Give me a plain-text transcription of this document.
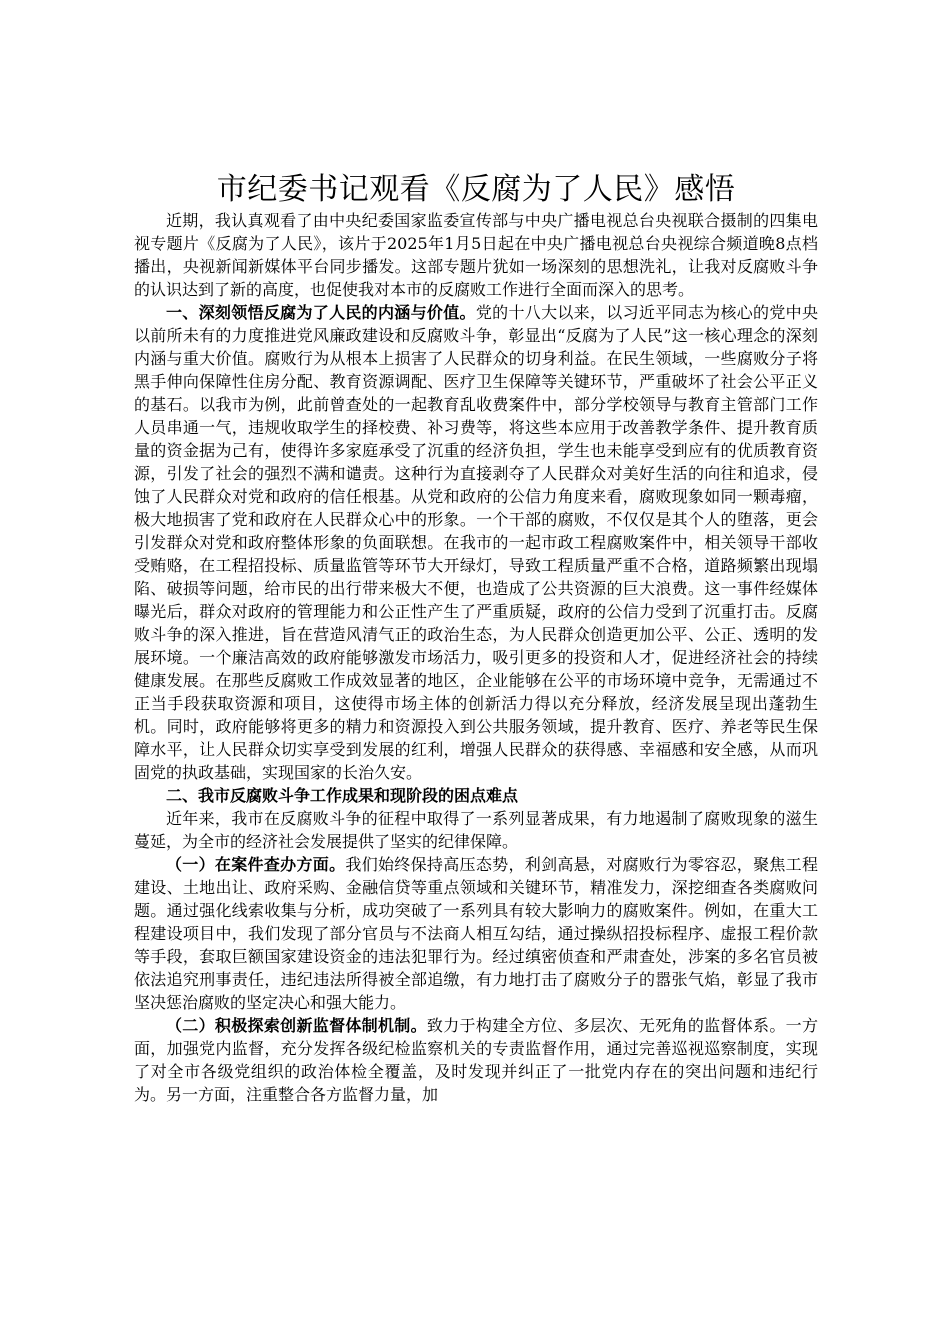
市纪委书记观看《反腐为了人民》感悟

近期，我认真观看了由中央纪委国家监委宣传部与中央广播电视总台央视联合摄制的四集电视专题片《反腐为了人民》，该片于2025年1月5日起在中央广播电视总台央视综合频道晚8点档播出，央视新闻新媒体平台同步播发。这部专题片犹如一场深刻的思想洗礼，让我对反腐败斗争的认识达到了新的高度，也促使我对本市的反腐败工作进行全面而深入的思考。

一、深刻领悟反腐为了人民的内涵与价值。党的十八大以来，以习近平同志为核心的党中央以前所未有的力度推进党风廉政建设和反腐败斗争，彰显出“反腐为了人民”这一核心理念的深刻内涵与重大价值。腐败行为从根本上损害了人民群众的切身利益。在民生领域，一些腐败分子将黑手伸向保障性住房分配、教育资源调配、医疗卫生保障等关键环节，严重破坏了社会公平正义的基石。以我市为例，此前曾查处的一起教育乱收费案件中，部分学校领导与教育主管部门工作人员串通一气，违规收取学生的择校费、补习费等，将这些本应用于改善教学条件、提升教育质量的资金据为己有，使得许多家庭承受了沉重的经济负担，学生也未能享受到应有的优质教育资源，引发了社会的强烈不满和谴责。这种行为直接剥夺了人民群众对美好生活的向往和追求，侵蚀了人民群众对党和政府的信任根基。从党和政府的公信力角度来看，腐败现象如同一颗毒瘤，极大地损害了党和政府在人民群众心中的形象。一个干部的腐败，不仅仅是其个人的堕落，更会引发群众对党和政府整体形象的负面联想。在我市的一起市政工程腐败案件中，相关领导干部收受贿赂，在工程招投标、质量监管等环节大开绿灯，导致工程质量严重不合格，道路频繁出现塌陷、破损等问题，给市民的出行带来极大不便，也造成了公共资源的巨大浪费。这一事件经媒体曝光后，群众对政府的管理能力和公正性产生了严重质疑，政府的公信力受到了沉重打击。反腐败斗争的深入推进，旨在营造风清气正的政治生态，为人民群众创造更加公平、公正、透明的发展环境。一个廉洁高效的政府能够激发市场活力，吸引更多的投资和人才，促进经济社会的持续健康发展。在那些反腐败工作成效显著的地区，企业能够在公平的市场环境中竞争，无需通过不正当手段获取资源和项目，这使得市场主体的创新活力得以充分释放，经济发展呈现出蓬勃生机。同时，政府能够将更多的精力和资源投入到公共服务领域，提升教育、医疗、养老等民生保障水平，让人民群众切实享受到发展的红利，增强人民群众的获得感、幸福感和安全感，从而巩固党的执政基础，实现国家的长治久安。

二、我市反腐败斗争工作成果和现阶段的困点难点

近年来，我市在反腐败斗争的征程中取得了一系列显著成果，有力地遏制了腐败现象的滋生蔓延，为全市的经济社会发展提供了坚实的纪律保障。

（一）在案件查办方面。我们始终保持高压态势，利剑高悬，对腐败行为零容忍，聚焦工程建设、土地出让、政府采购、金融信贷等重点领域和关键环节，精准发力，深挖细查各类腐败问题。通过强化线索收集与分析，成功突破了一系列具有较大影响力的腐败案件。例如，在重大工程建设项目中，我们发现了部分官员与不法商人相互勾结，通过操纵招投标程序、虚报工程价款等手段，套取巨额国家建设资金的违法犯罪行为。经过缜密侦查和严肃查处，涉案的多名官员被依法追究刑事责任，违纪违法所得被全部追缴，有力地打击了腐败分子的嚣张气焰，彰显了我市坚决惩治腐败的坚定决心和强大能力。

（二）积极探索创新监督体制机制。致力于构建全方位、多层次、无死角的监督体系。一方面，加强党内监督，充分发挥各级纪检监察机关的专责监督作用，通过完善巡视巡察制度，实现了对全市各级党组织的政治体检全覆盖，及时发现并纠正了一批党内存在的突出问题和违纪行为。另一方面，注重整合各方监督力量，加
